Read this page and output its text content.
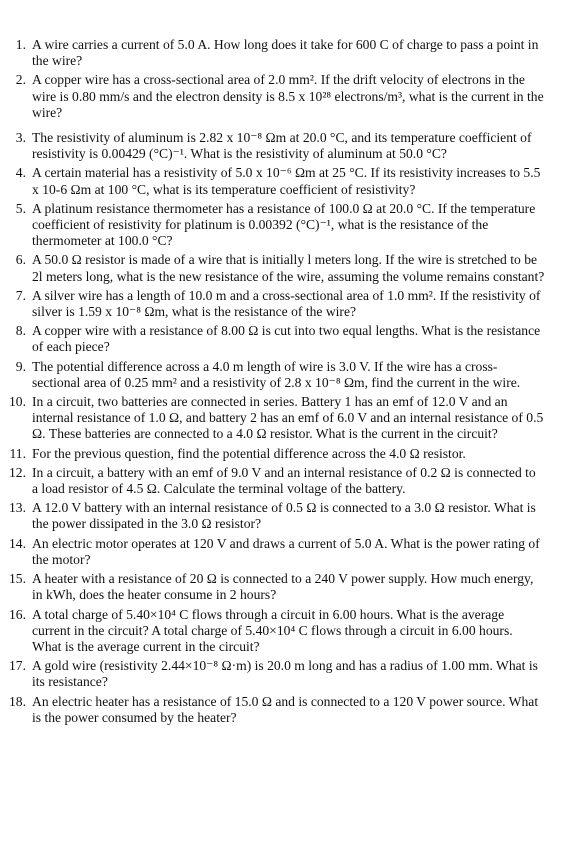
1. A wire carries a current of 5.0 A. How long does it take for 600 C of charge to pass a point in the wire?
2. A copper wire has a cross-sectional area of 2.0 mm². If the drift velocity of electrons in the wire is 0.80 mm/s and the electron density is 8.5 x 10²⁸ electrons/m³, what is the current in the wire?
3. The resistivity of aluminum is 2.82 x 10⁻⁸ Ωm at 20.0 °C, and its temperature coefficient of resistivity is 0.00429 (°C)⁻¹. What is the resistivity of aluminum at 50.0 °C?
4. A certain material has a resistivity of 5.0 x 10⁻⁶ Ωm at 25 °C. If its resistivity increases to 5.5 x 10-6 Ωm at 100 °C, what is its temperature coefficient of resistivity?
5. A platinum resistance thermometer has a resistance of 100.0 Ω at 20.0 °C. If the temperature coefficient of resistivity for platinum is 0.00392 (°C)⁻¹, what is the resistance of the thermometer at 100.0 °C?
6. A 50.0 Ω resistor is made of a wire that is initially l meters long. If the wire is stretched to be 2l meters long, what is the new resistance of the wire, assuming the volume remains constant?
7. A silver wire has a length of 10.0 m and a cross-sectional area of 1.0 mm². If the resistivity of silver is 1.59 x 10⁻⁸ Ωm, what is the resistance of the wire?
8. A copper wire with a resistance of 8.00 Ω is cut into two equal lengths. What is the resistance of each piece?
9. The potential difference across a 4.0 m length of wire is 3.0 V. If the wire has a cross-sectional area of 0.25 mm² and a resistivity of 2.8 x 10⁻⁸ Ωm, find the current in the wire.
10. In a circuit, two batteries are connected in series. Battery 1 has an emf of 12.0 V and an internal resistance of 1.0 Ω, and battery 2 has an emf of 6.0 V and an internal resistance of 0.5 Ω. These batteries are connected to a 4.0 Ω resistor. What is the current in the circuit?
11. For the previous question, find the potential difference across the 4.0 Ω resistor.
12. In a circuit, a battery with an emf of 9.0 V and an internal resistance of 0.2 Ω is connected to a load resistor of 4.5 Ω. Calculate the terminal voltage of the battery.
13. A 12.0 V battery with an internal resistance of 0.5 Ω is connected to a 3.0 Ω resistor. What is the power dissipated in the 3.0 Ω resistor?
14. An electric motor operates at 120 V and draws a current of 5.0 A. What is the power rating of the motor?
15. A heater with a resistance of 20 Ω is connected to a 240 V power supply. How much energy, in kWh, does the heater consume in 2 hours?
16. A total charge of 5.40×10⁴ C flows through a circuit in 6.00 hours. What is the average current in the circuit? A total charge of 5.40×10⁴ C flows through a circuit in 6.00 hours. What is the average current in the circuit?
17. A gold wire (resistivity 2.44×10⁻⁸ Ω·m) is 20.0 m long and has a radius of 1.00 mm. What is its resistance?
18. An electric heater has a resistance of 15.0 Ω and is connected to a 120 V power source. What is the power consumed by the heater?
